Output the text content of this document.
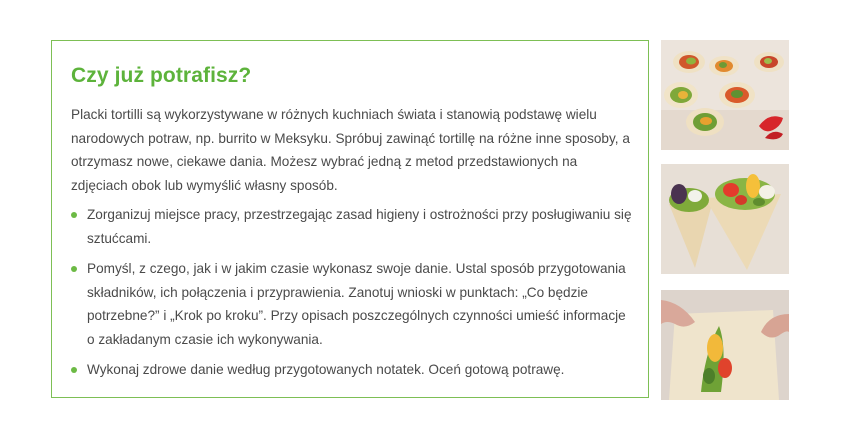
Czy już potrafisz?

Placki tortilli są wykorzystywane w różnych kuchniach świata i stanowią podstawę wielu narodowych potraw, np. burrito w Meksyku. Spróbuj zawinąć tortillę na różne inne sposoby, a otrzymasz nowe, ciekawe dania. Możesz wybrać jedną z metod przedstawionych na zdjęciach obok lub wymyślić własny sposób.

Zorganizuj miejsce pracy, przestrzegając zasad higieny i ostrożności przy posługiwaniu się sztućcami.
Pomyśl, z czego, jak i w jakim czasie wykonasz swoje danie. Ustal sposób przygotowania składników, ich połączenia i przyprawienia. Zanotuj wnioski w punktach: „Co będzie potrzebne?” i „Krok po kroku”. Przy opisach poszczególnych czynności umieść informacje o zakładanym czasie ich wykonywania.
Wykonaj zdrowe danie według przygotowanych notatek. Oceń gotową potrawę.
